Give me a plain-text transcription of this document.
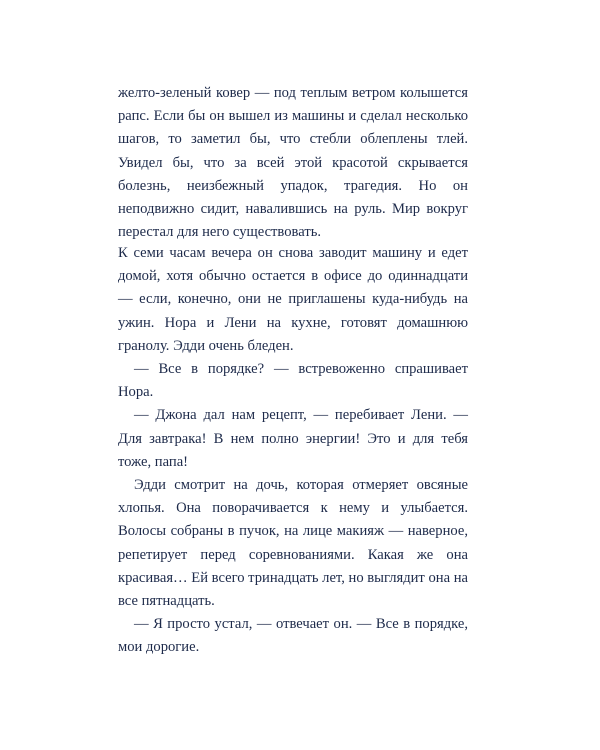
желто-зеленый ковер — под теплым ветром колышется рапс. Если бы он вышел из машины и сделал несколько шагов, то заметил бы, что стебли облеплены тлей. Увидел бы, что за всей этой красотой скрывается болезнь, неизбежный упадок, трагедия. Но он неподвижно сидит, навалившись на руль. Мир вокруг перестал для него существовать.

К семи часам вечера он снова заводит машину и едет домой, хотя обычно остается в офисе до одиннадцати — если, конечно, они не приглашены куда-нибудь на ужин. Нора и Лени на кухне, готовят домашнюю гранолу. Эдди очень бледен.

— Все в порядке? — встревоженно спрашивает Нора.

— Джона дал нам рецепт, — перебивает Лени. — Для завтрака! В нем полно энергии! Это и для тебя тоже, папа!

Эдди смотрит на дочь, которая отмеряет овсяные хлопья. Она поворачивается к нему и улыбается. Волосы собраны в пучок, на лице макияж — наверное, репетирует перед соревнованиями. Какая же она красивая… Ей всего тринадцать лет, но выглядит она на все пятнадцать.

— Я просто устал, — отвечает он. — Все в порядке, мои дорогие.
